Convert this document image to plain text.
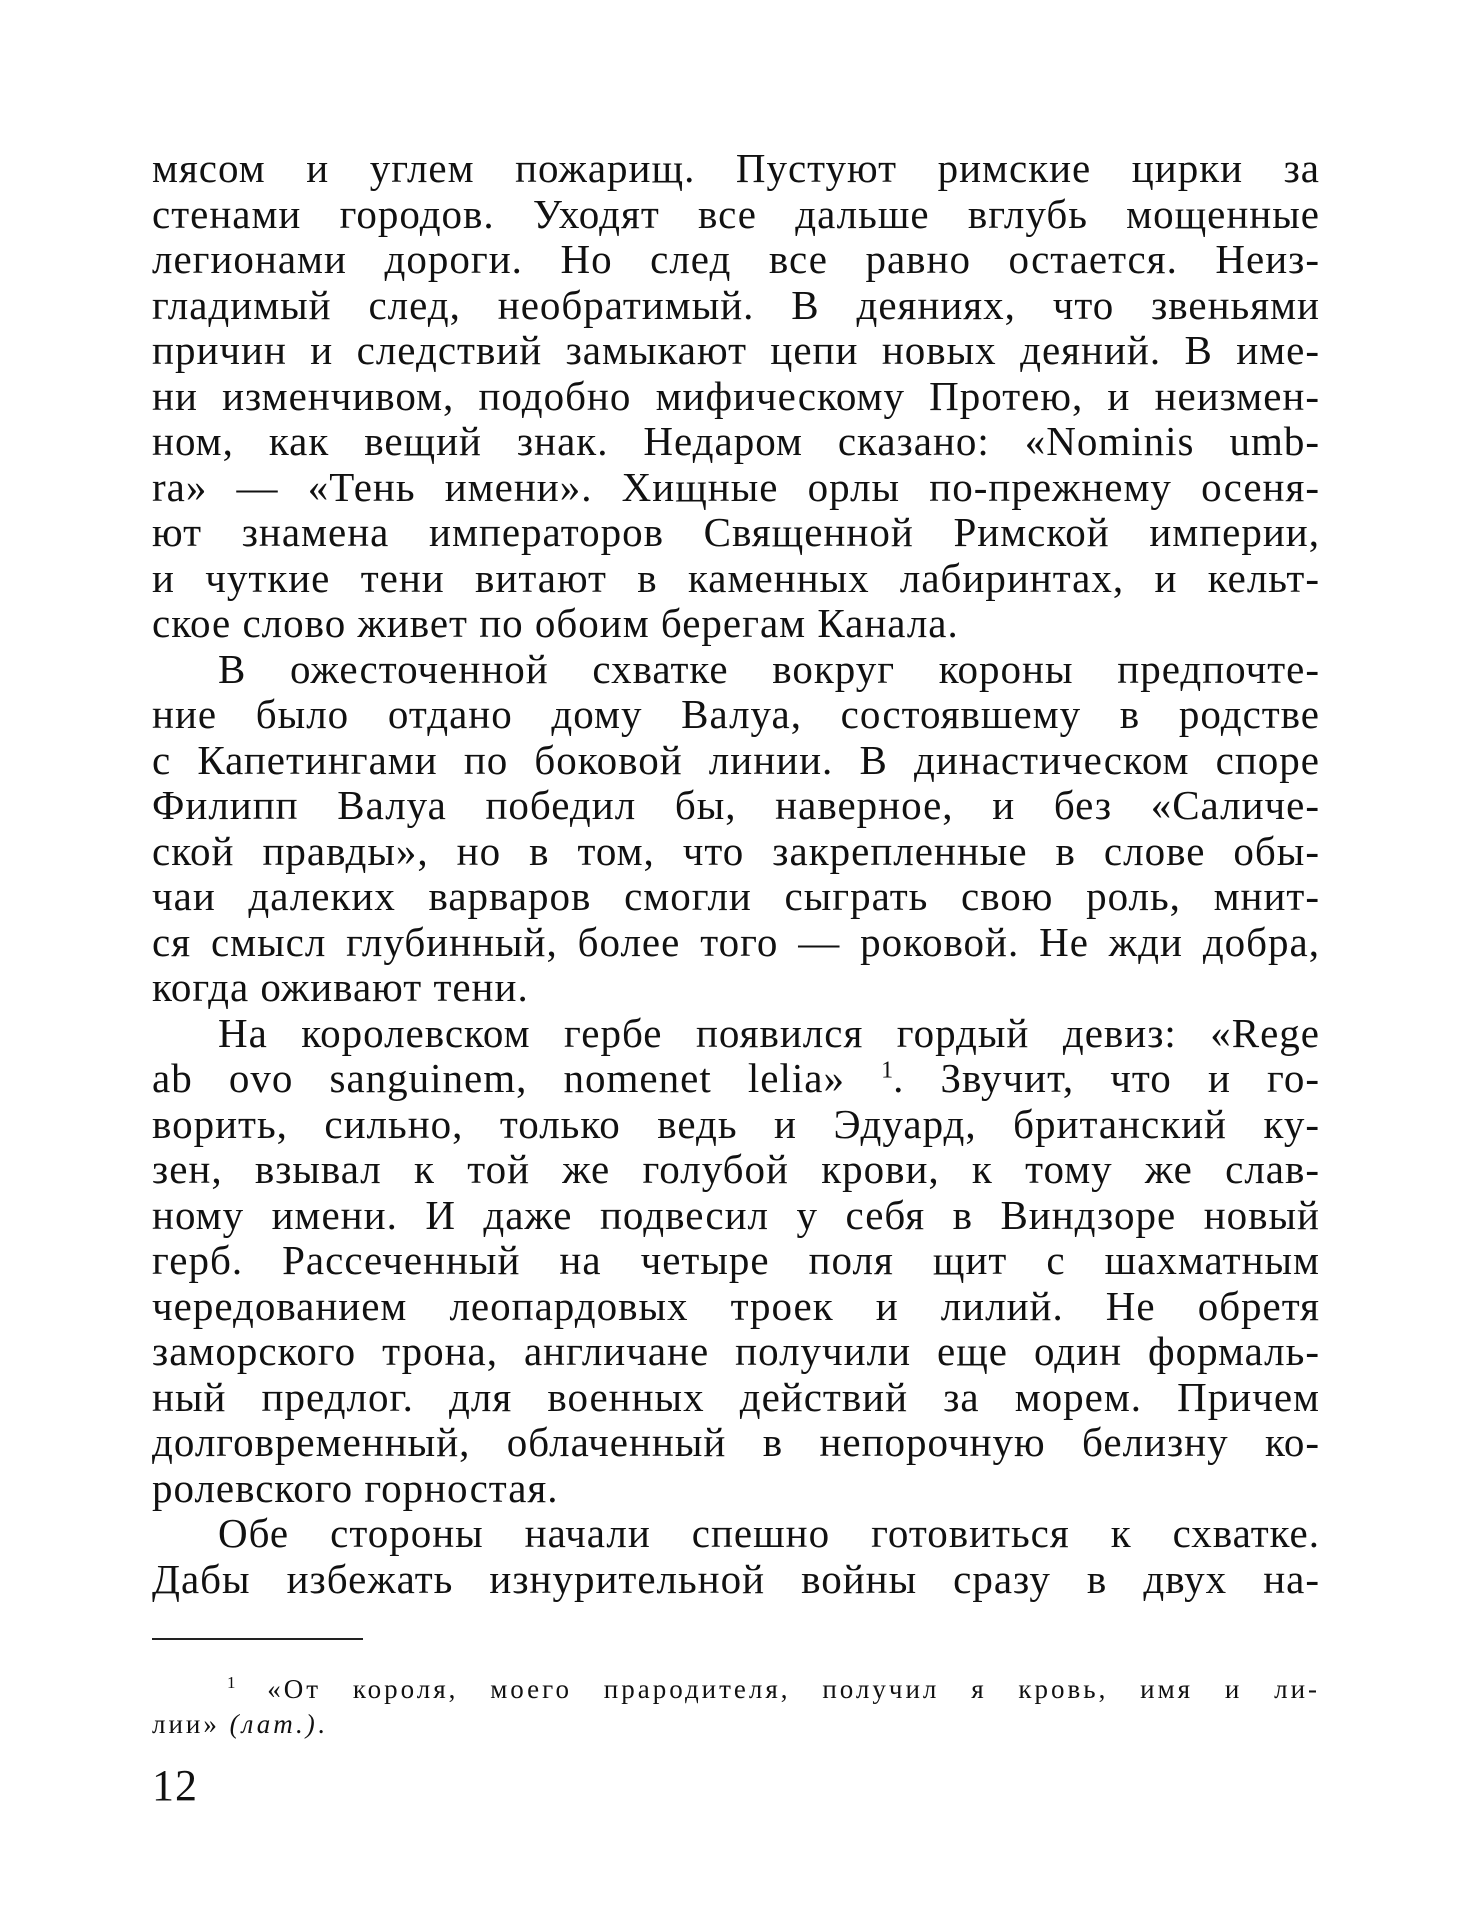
мясом и углем пожарищ. Пустуют римские цирки за
стенами городов. Уходят все дальше вглубь мощенные
легионами дороги. Но след все равно остается. Неиз-
гладимый след, необратимый. В деяниях, что звеньями
причин и следствий замыкают цепи новых деяний. В име-
ни изменчивом, подобно мифическому Протею, и неизмен-
ном, как вещий знак. Недаром сказано: «Nominis umb-
ra» — «Тень имени». Хищные орлы по-прежнему осеня-
ют знамена императоров Священной Римской империи,
и чуткие тени витают в каменных лабиринтах, и кельт-
ское слово живет по обоим берегам Канала.
В ожесточенной схватке вокруг короны предпочте-
ние было отдано дому Валуа, состоявшему в родстве
с Капетингами по боковой линии. В династическом споре
Филипп Валуа победил бы, наверное, и без «Саличе-
ской правды», но в том, что закрепленные в слове обы-
чаи далеких варваров смогли сыграть свою роль, мнит-
ся смысл глубинный, более того — роковой. Не жди добра,
когда оживают тени.
На королевском гербе появился гордый девиз: «Rege
ab ovo sanguinem, nomenet lelia» $^1$. Звучит, что и го-
ворить, сильно, только ведь и Эдуард, британский ку-
зен, взывал к той же голубой крови, к тому же слав-
ному имени. И даже подвесил у себя в Виндзоре новый
герб. Рассеченный на четыре поля щит с шахматным
чередованием леопардовых троек и лилий. Не обретя
заморского трона, англичане получили еще один формаль-
ный предлог. для военных действий за морем. Причем
долговременный, облаченный в непорочную белизну ко-
ролевского горностая.
Обе стороны начали спешно готовиться к схватке.
Дабы избежать изнурительной войны сразу в двух на-
$^1$ «От короля, моего прародителя, получил я кровь, имя и ли-
лии» (лат.).
12
